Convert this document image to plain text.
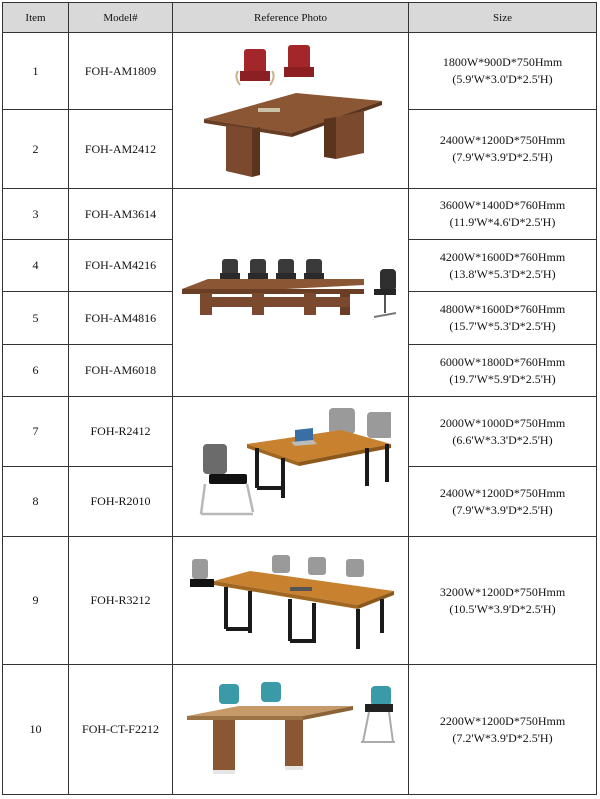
Item	Model#	Reference Photo	Size
1	FOH-AM1809		1800W*900D*750Hmm
(5.9'W*3.0'D*2.5'H)

2	FOH-AM2412		2400W*1200D*750Hmm
(7.9'W*3.9'D*2.5'H)

3	FOH-AM3614		3600W*1400D*760Hmm
(11.9'W*4.6'D*2.5'H)

4	FOH-AM4216		4200W*1600D*760Hmm
(13.8'W*5.3'D*2.5'H)

5	FOH-AM4816		4800W*1600D*760Hmm
(15.7'W*5.3'D*2.5'H)

6	FOH-AM6018		6000W*1800D*760Hmm
(19.7'W*5.9'D*2.5'H)

7	FOH-R2412		2000W*1000D*750Hmm
(6.6'W*3.3'D*2.5'H)

8	FOH-R2010		2400W*1200D*750Hmm
(7.9'W*3.9'D*2.5'H)

9	FOH-R3212		3200W*1200D*750Hmm
(10.5'W*3.9'D*2.5'H)

10	FOH-CT-F2212		2200W*1200D*750Hmm
(7.2'W*3.9'D*2.5'H)
